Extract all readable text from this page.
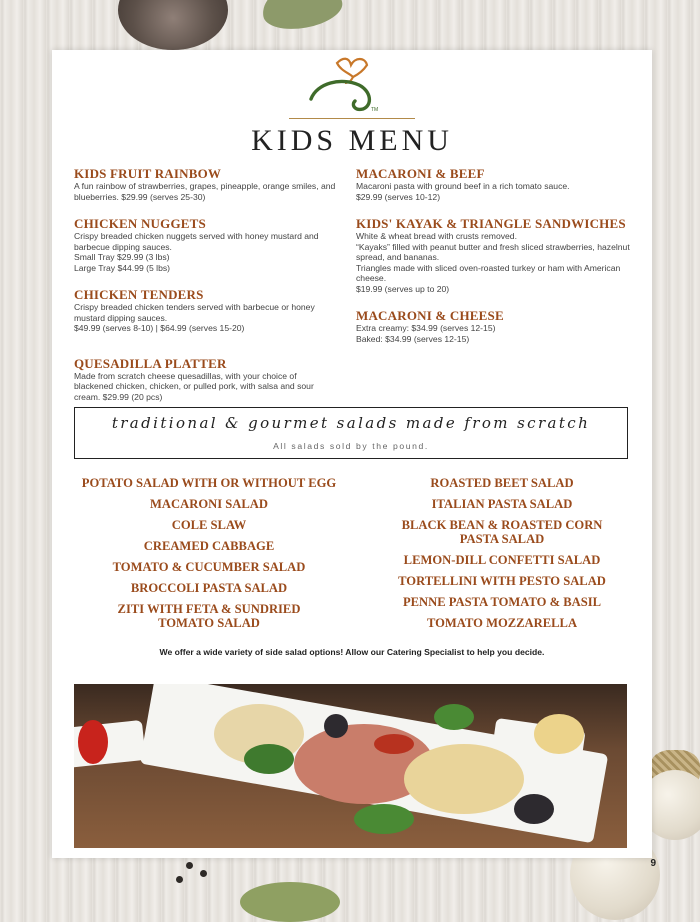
TM
KIDS MENU
KIDS FRUIT RAINBOW
A fun rainbow of strawberries, grapes, pineapple, orange smiles, and blueberries. $29.99 (serves 25-30)
CHICKEN NUGGETS
Crispy breaded chicken nuggets served with honey mustard and barbecue dipping sauces.
Small Tray $29.99 (3 lbs)
Large Tray $44.99 (5 lbs)
CHICKEN TENDERS
Crispy breaded chicken tenders served with barbecue or honey mustard dipping sauces.
$49.99 (serves 8-10) | $64.99 (serves 15-20)
QUESADILLA PLATTER
Made from scratch cheese quesadillas, with your choice of blackened chicken, chicken, or pulled pork, with salsa and sour cream. $29.99 (20 pcs)
MACARONI & BEEF
Macaroni pasta with ground beef in a rich tomato sauce.
$29.99 (serves 10-12)
KIDS' KAYAK & TRIANGLE SANDWICHES
White & wheat bread with crusts removed.
“Kayaks” filled with peanut butter and fresh sliced strawberries, hazelnut spread, and bananas.
Triangles made with sliced oven-roasted turkey or ham with American cheese.
$19.99 (serves up to 20)
MACARONI & CHEESE
Extra creamy: $34.99 (serves 12-15)
Baked: $34.99 (serves 12-15)
traditional & gourmet salads made from scratch
All salads sold by the pound.
POTATO SALAD WITH OR WITHOUT EGG
MACARONI SALAD
COLE SLAW
CREAMED CABBAGE
TOMATO & CUCUMBER SALAD
BROCCOLI PASTA SALAD
ZITI WITH FETA & SUNDRIED TOMATO SALAD
ROASTED BEET SALAD
ITALIAN PASTA SALAD
BLACK BEAN & ROASTED CORN PASTA SALAD
LEMON-DILL CONFETTI SALAD
TORTELLINI WITH PESTO SALAD
PENNE PASTA TOMATO & BASIL
TOMATO MOZZARELLA
We offer a wide variety of side salad options! Allow our Catering Specialist to help you decide.
9
